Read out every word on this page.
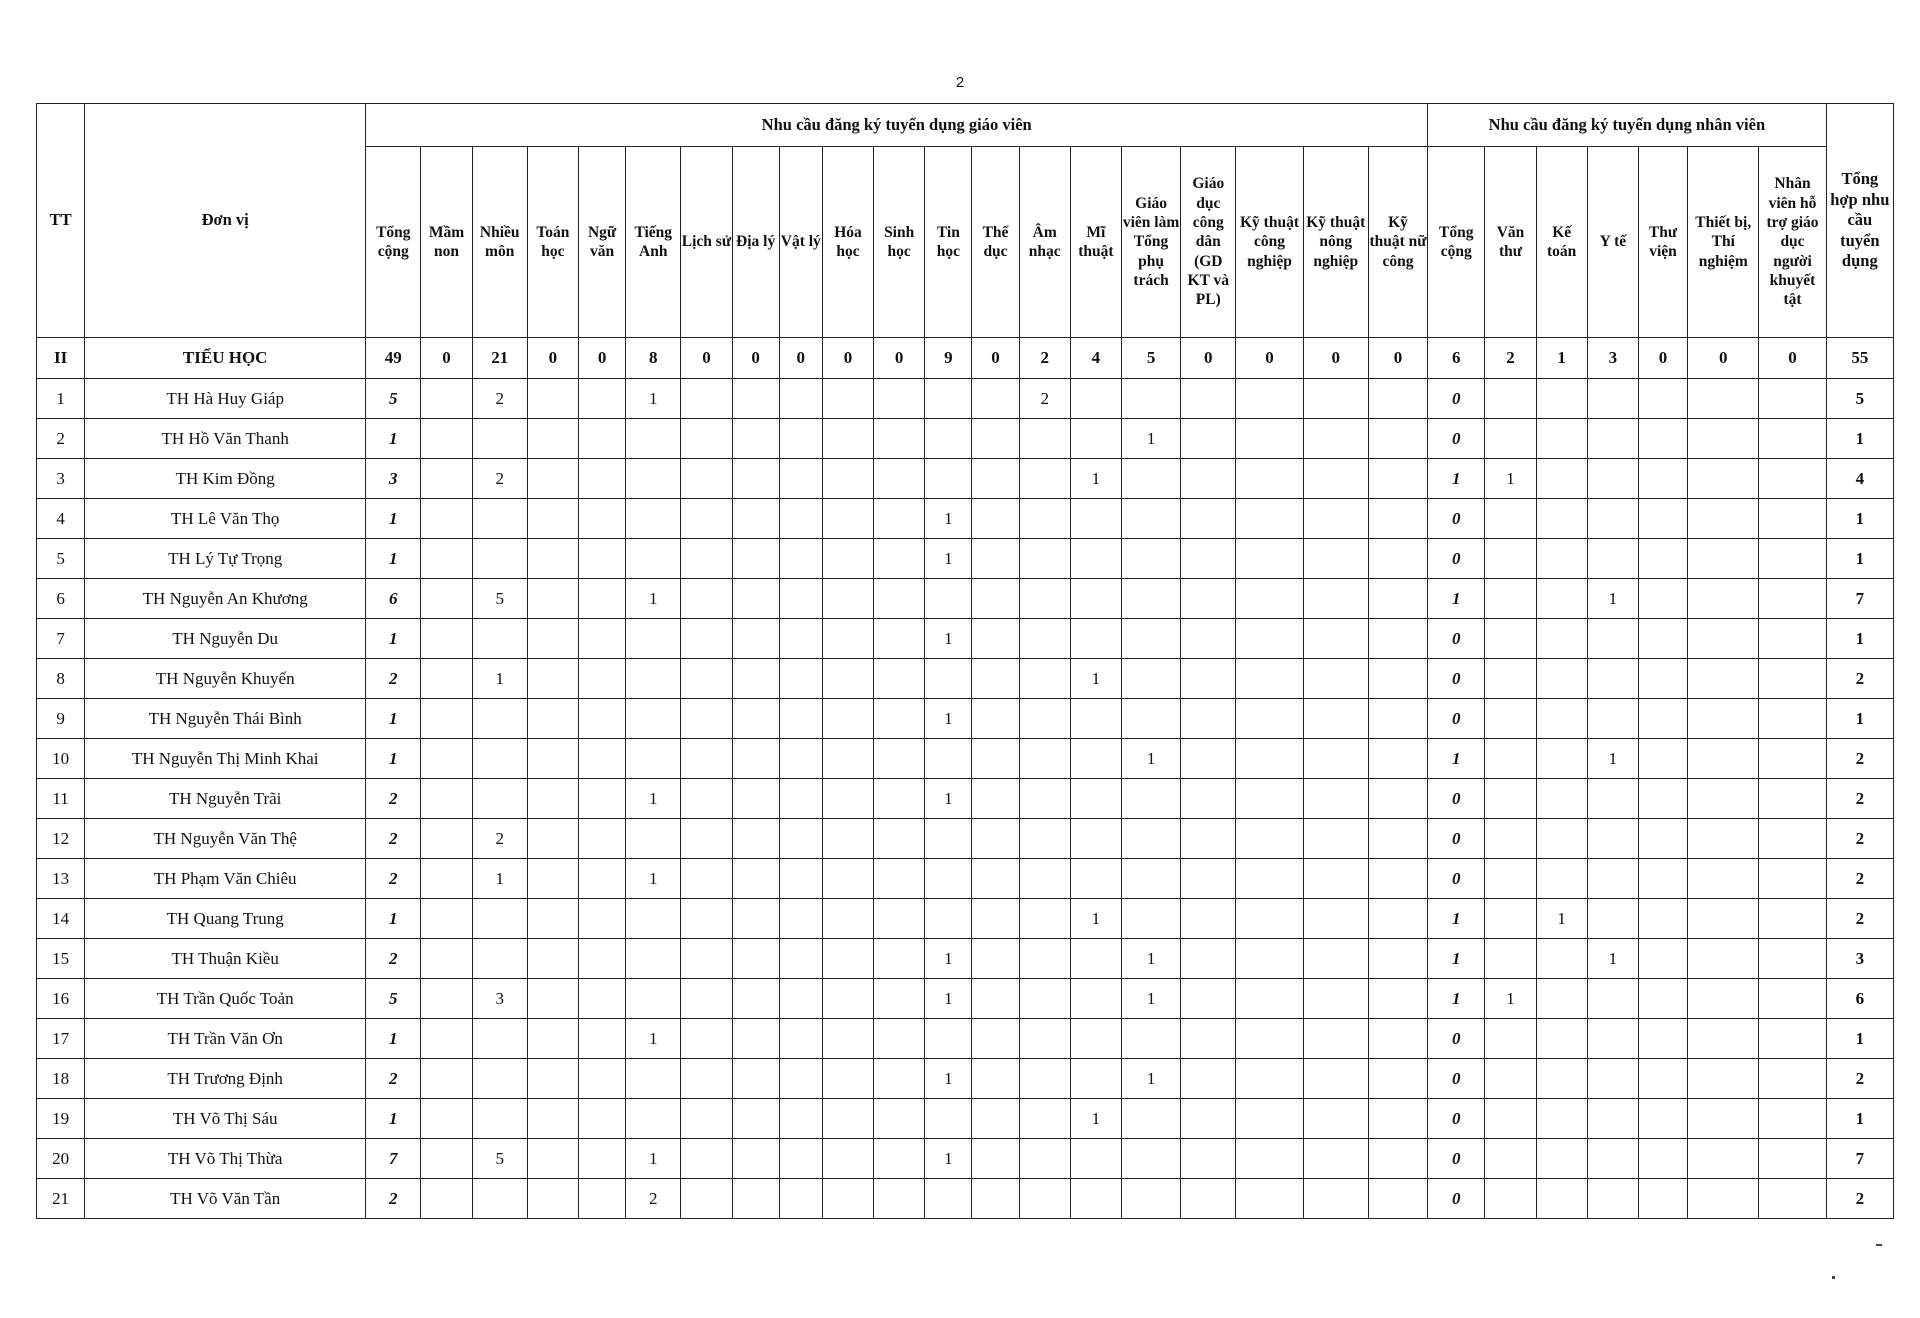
2
TT	Đơn vị	Nhu cầu đăng ký tuyển dụng giáo viên																				Nhu cầu đăng ký tuyển dụng nhân viên							Tổng hợp nhu cầu tuyển dụng
		Tổng cộng	Mầm non	Nhiều môn	Toán học	Ngữ văn	Tiếng Anh	Lịch sử	Địa lý	Vật lý	Hóa học	Sinh học	Tin học	Thể dục	Âm nhạc	Mĩ thuật	Giáo viên làm Tổng phụ trách	Giáo dục công dân (GD KT và PL)	Kỹ thuật công nghiệp	Kỹ thuật nông nghiệp	Kỹ thuật nữ công	Tổng cộng	Văn thư	Kế toán	Y tế	Thư viện	Thiết bị, Thí nghiệm	Nhân viên hỗ trợ giáo dục người khuyết tật	
II	TIỂU HỌC	49	0	21	0	0	8	0	0	0	0	0	9	0	2	4	5	0	0	0	0	6	2	1	3	0	0	0	55
1	TH Hà Huy Giáp	5		2			1								2							0							5
2	TH Hồ Văn Thanh	1															1					0							1
3	TH Kim Đồng	3		2												1						1	1						4
4	TH Lê Văn Thọ	1											1									0							1
5	TH Lý Tự Trọng	1											1									0							1
6	TH Nguyễn An Khương	6		5			1															1			1				7
7	TH Nguyễn Du	1											1									0							1
8	TH Nguyễn Khuyến	2		1												1						0							2
9	TH Nguyễn Thái Bình	1											1									0							1
10	TH Nguyễn Thị Minh Khai	1															1					1			1				2
11	TH Nguyễn Trãi	2					1						1									0							2
12	TH Nguyễn Văn Thệ	2		2																		0							2
13	TH Phạm Văn Chiêu	2		1			1															0							2
14	TH Quang Trung	1														1						1		1					2
15	TH Thuận Kiều	2											1				1					1			1				3
16	TH Trần Quốc Toản	5		3									1				1					1	1						6
17	TH Trần Văn Ơn	1					1															0							1
18	TH Trương Định	2											1				1					0							2
19	TH Võ Thị Sáu	1														1						0							1
20	TH Võ Thị Thừa	7		5			1						1									0							7
21	TH Võ Văn Tần	2					2															0							2
